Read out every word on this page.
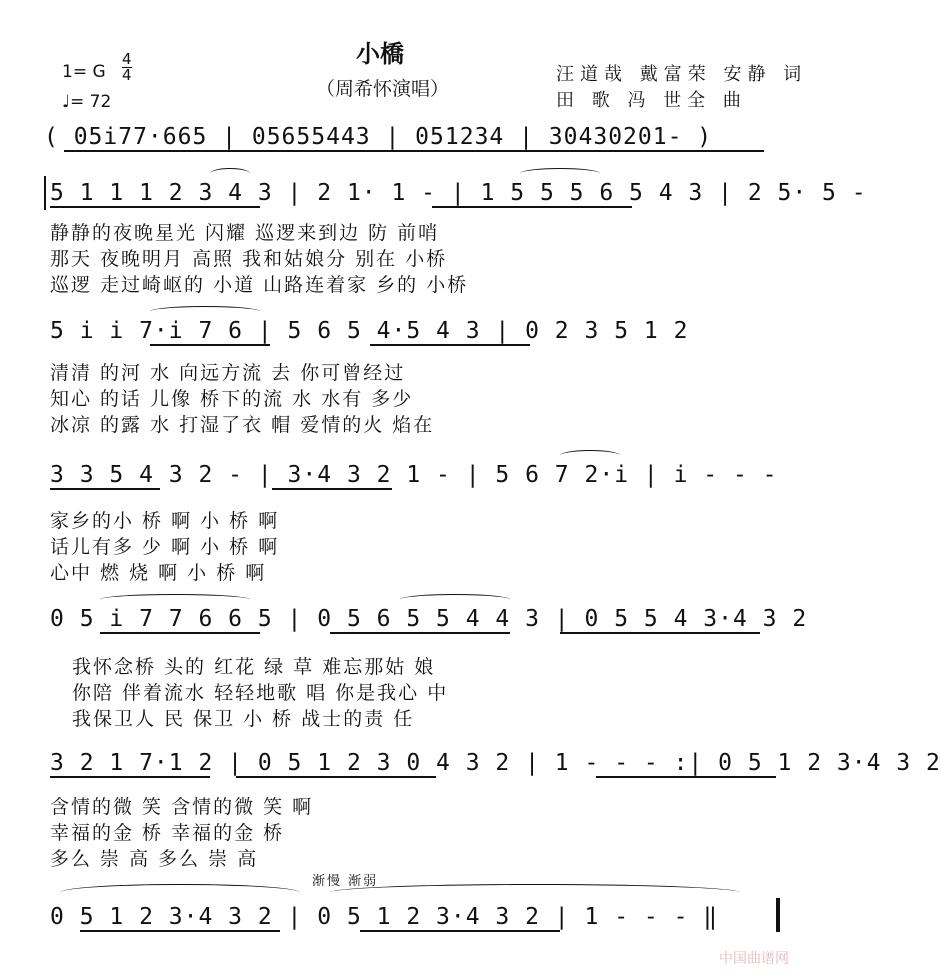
小橋
（周希怀演唱）
1= G
4
4
♩= 72
汪道哉 戴富荣 安静 词
田 歌 冯 世全 曲
( 05i77·665 | 05655443 | 051234 | 30430201- )
5 1 1 1 2 3 4 3 | 2 1· 1 - | 1 5 5 5 6 5 4 3 | 2 5· 5 -
静静的夜晚星光 闪耀 巡逻来到边 防 前哨
那天 夜晚明月 高照 我和姑娘分 别在 小桥
巡逻 走过崎岖的 小道 山路连着家 乡的 小桥
5 i i 7·i 7 6 | 5 6 5 4·5 4 3 | 0 2 3 5 1 2
清清 的河 水 向远方流 去 你可曾经过
知心 的话 儿像 桥下的流 水 水有 多少
冰凉 的露 水 打湿了衣 帽 爱情的火 焰在
3 3 5 4 3 2 - | 3·4 3 2 1 - | 5 6 7 2·i | i - - -
家乡的小 桥 啊 小 桥 啊
话儿有多 少 啊 小 桥 啊
心中 燃 烧 啊 小 桥 啊
0 5 i 7 7 6 6 5 | 0 5 6 5 5 4 4 3 | 0 5 5 4 3·4 3 2
我怀念桥 头的 红花 绿 草 难忘那姑 娘
你陪 伴着流水 轻轻地歌 唱 你是我心 中
我保卫人 民 保卫 小 桥 战士的责 任
3 2 1 7·1 2 | 0 5 1 2 3 0 4 3 2 | 1 - - - :| 0 5 1 2 3·4 3 2
含情的微 笑 含情的微 笑 啊
幸福的金 桥 幸福的金 桥
多么 崇 高 多么 崇 高
渐慢 渐弱
0 5 1 2 3·4 3 2 | 0 5 1 2 3·4 3 2 | 1 - - - ‖
中国曲谱网
